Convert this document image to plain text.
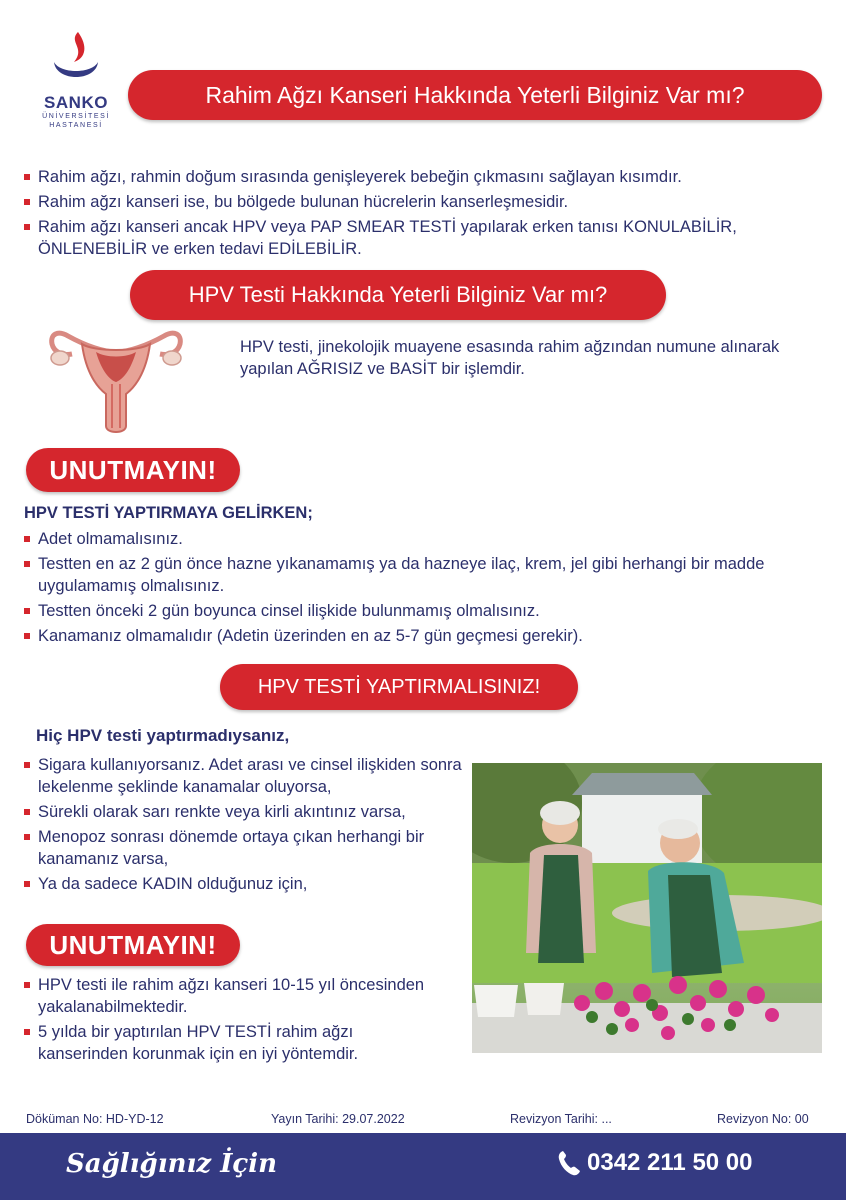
SANKO
ÜNİVERSİTESİ
HASTANESİ
Rahim Ağzı Kanseri Hakkında Yeterli Bilginiz Var mı?
Rahim ağzı, rahmin doğum sırasında genişleyerek bebeğin çıkmasını sağlayan kısımdır.
Rahim ağzı kanseri ise, bu bölgede bulunan hücrelerin kanserleşmesidir.
Rahim ağzı kanseri ancak HPV veya PAP SMEAR TESTİ yapılarak erken tanısı KONULABİLİR, ÖNLENEBİLİR ve erken tedavi EDİLEBİLİR.
HPV Testi Hakkında Yeterli Bilginiz Var mı?
HPV testi, jinekolojik muayene esasında rahim ağzından numune alınarak yapılan AĞRISIZ ve BASİT bir işlemdir.
UNUTMAYIN!
HPV TESTİ YAPTIRMAYA GELİRKEN;
Adet olmamalısınız.
Testten en az 2 gün önce hazne yıkanamamış ya da hazneye ilaç, krem, jel gibi herhangi bir madde uygulamamış olmalısınız.
Testten önceki 2 gün boyunca cinsel ilişkide bulunmamış olmalısınız.
Kanamanız olmamalıdır (Adetin üzerinden en az 5-7 gün geçmesi gerekir).
HPV TESTİ YAPTIRMALISINIZ!
Hiç HPV testi yaptırmadıysanız,
Sigara kullanıyorsanız. Adet arası ve cinsel ilişkiden sonra lekelenme şeklinde kanamalar oluyorsa,
Sürekli olarak sarı renkte veya kirli akıntınız varsa,
Menopoz sonrası dönemde ortaya çıkan herhangi bir kanamanız varsa,
Ya da sadece KADIN olduğunuz için,
UNUTMAYIN!
HPV testi ile rahim ağzı kanseri 10-15 yıl öncesinden yakalanabilmektedir.
5 yılda bir yaptırılan HPV TESTİ rahim ağzı kanserinden korunmak için en iyi yöntemdir.
Döküman No: HD-YD-12	Yayın Tarihi: 29.07.2022	Revizyon Tarihi: ...	Revizyon No: 00
Sağlığınız İçin	0342 211 50 00
